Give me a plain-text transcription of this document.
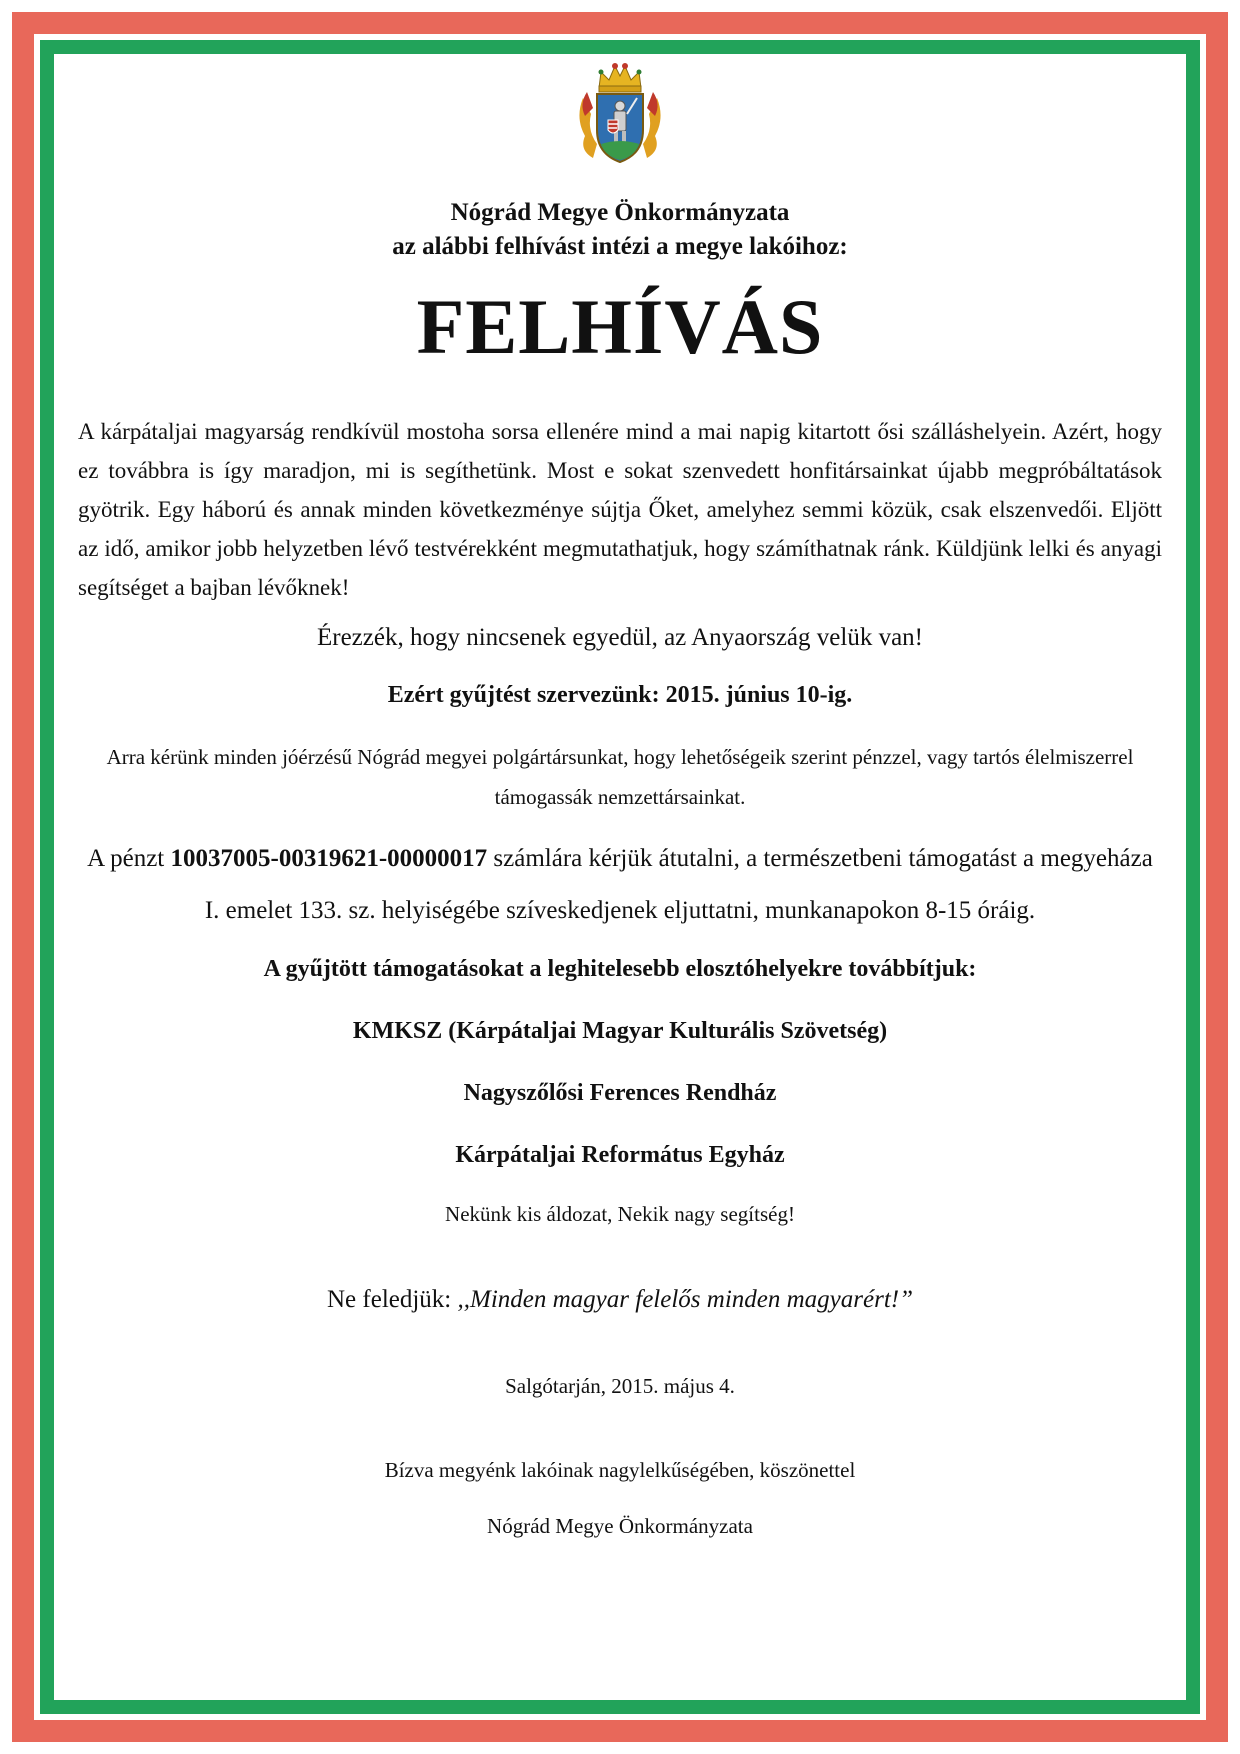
Nógrád Megye Önkormányzata
az alábbi felhívást intézi a megye lakóihoz:
FELHÍVÁS
A kárpátaljai magyarság rendkívül mostoha sorsa ellenére mind a mai napig kitartott ősi szálláshelyein. Azért, hogy ez továbbra is így maradjon, mi is segíthetünk. Most e sokat szenvedett honfitársainkat újabb megpróbáltatások gyötrik. Egy háború és annak minden következménye sújtja Őket, amelyhez semmi közük, csak elszenvedői. Eljött az idő, amikor jobb helyzetben lévő testvérekként megmutathatjuk, hogy számíthatnak ránk. Küldjünk lelki és anyagi segítséget a bajban lévőknek!
Érezzék, hogy nincsenek egyedül, az Anyaország velük van!
Ezért gyűjtést szervezünk: 2015. június 10-ig.
Arra kérünk minden jóérzésű Nógrád megyei polgártársunkat, hogy lehetőségeik szerint pénzzel, vagy tartós élelmiszerrel támogassák nemzettársainkat.
A pénzt 10037005-00319621-00000017 számlára kérjük átutalni, a természetbeni támogatást a megyeháza I. emelet 133. sz. helyiségébe szíveskedjenek eljuttatni, munkanapokon 8-15 óráig.
A gyűjtött támogatásokat a leghitelesebb elosztóhelyekre továbbítjuk:
KMKSZ (Kárpátaljai Magyar Kulturális Szövetség)
Nagyszőlősi Ferences Rendház
Kárpátaljai Református Egyház
Nekünk kis áldozat, Nekik nagy segítség!
Ne feledjük: ,,Minden magyar felelős minden magyarért!”
Salgótarján, 2015. május 4.
Bízva megyénk lakóinak nagylelkűségében, köszönettel
Nógrád Megye Önkormányzata
